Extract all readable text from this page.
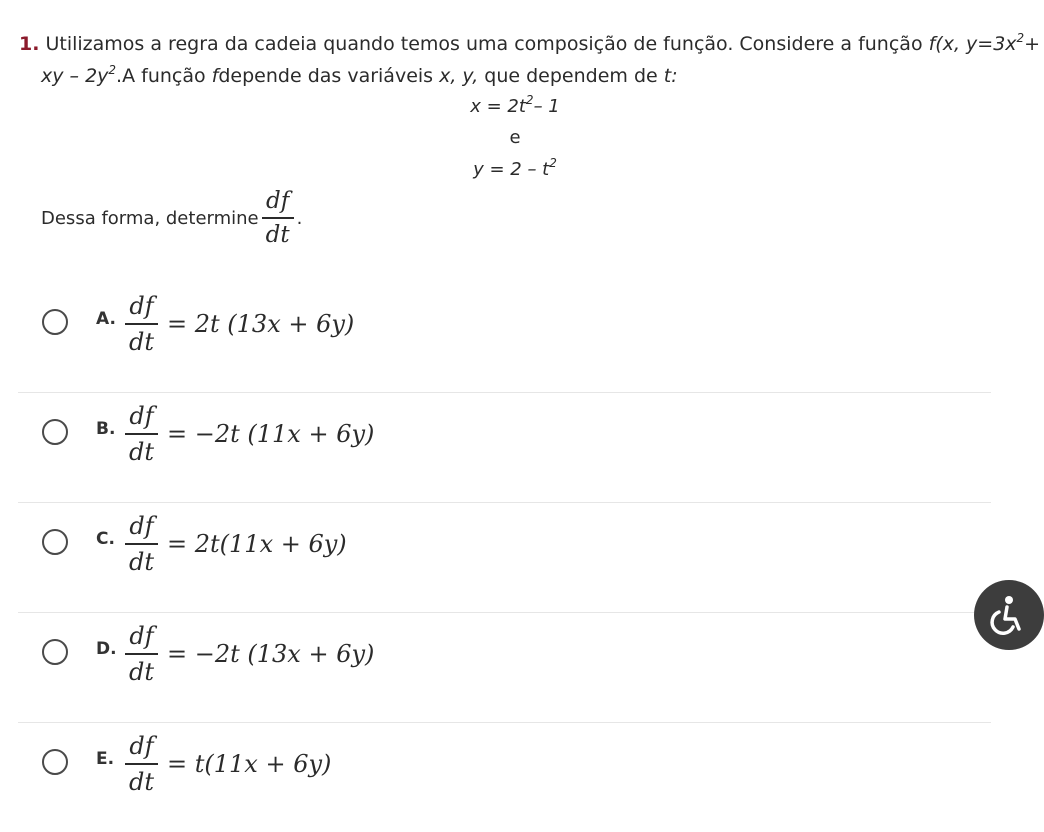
1. Utilizamos a regra da cadeia quando temos uma composição de função. Considere a função f(x, $y=3x^2+$
xy – $2y^2.A$ função fdepende das variáveis x, y, que dependem de t:
$x = 2t^2-$ 1
e
$y = 2 - t^2$
Dessa forma, determine $\frac{df}{dt}$ .
A. $\frac{df}{dt} = 2t$ (13x + 6y)
B. $\frac{df}{dt} = -2t$ (11x + 6y)
C. $\frac{df}{dt} = 2t(11x + 6y)$
D. $\frac{df}{dt} = -2t$ (13x + 6y)
E. $\frac{df}{dt} = t(11x + 6y)$
